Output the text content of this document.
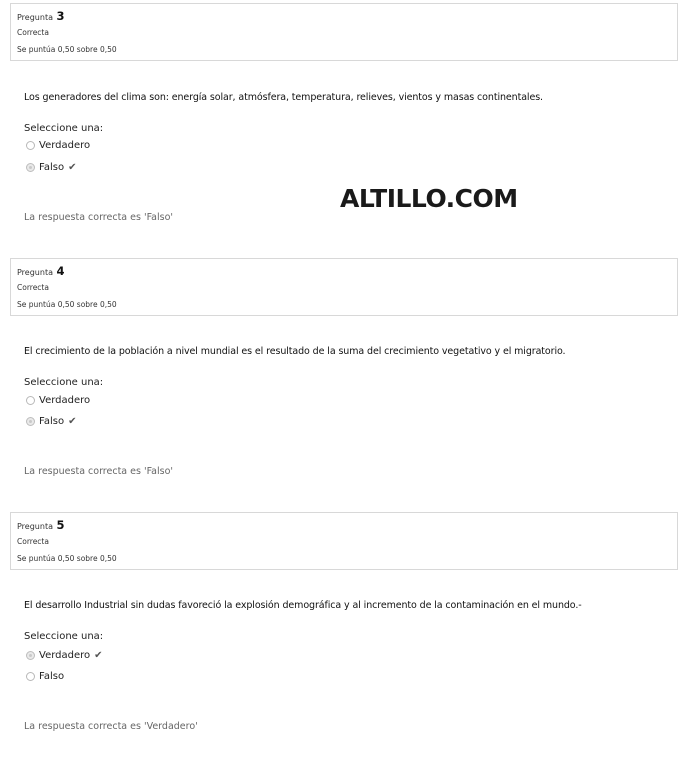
Pregunta 3
Correcta
Se puntúa 0,50 sobre 0,50
Los generadores del clima son: energía solar, atmósfera, temperatura, relieves, vientos y masas continentales.
Seleccione una:
Verdadero
Falso ✔
ALTILLO.COM
La respuesta correcta es 'Falso'
Pregunta 4
Correcta
Se puntúa 0,50 sobre 0,50
El crecimiento de la población a nivel mundial es el resultado de la suma del crecimiento vegetativo y el migratorio.
Seleccione una:
Verdadero
Falso ✔
La respuesta correcta es 'Falso'
Pregunta 5
Correcta
Se puntúa 0,50 sobre 0,50
El desarrollo Industrial sin dudas favoreció la explosión demográfica y al incremento de la contaminación en el mundo.-
Seleccione una:
Verdadero ✔
Falso
La respuesta correcta es 'Verdadero'
